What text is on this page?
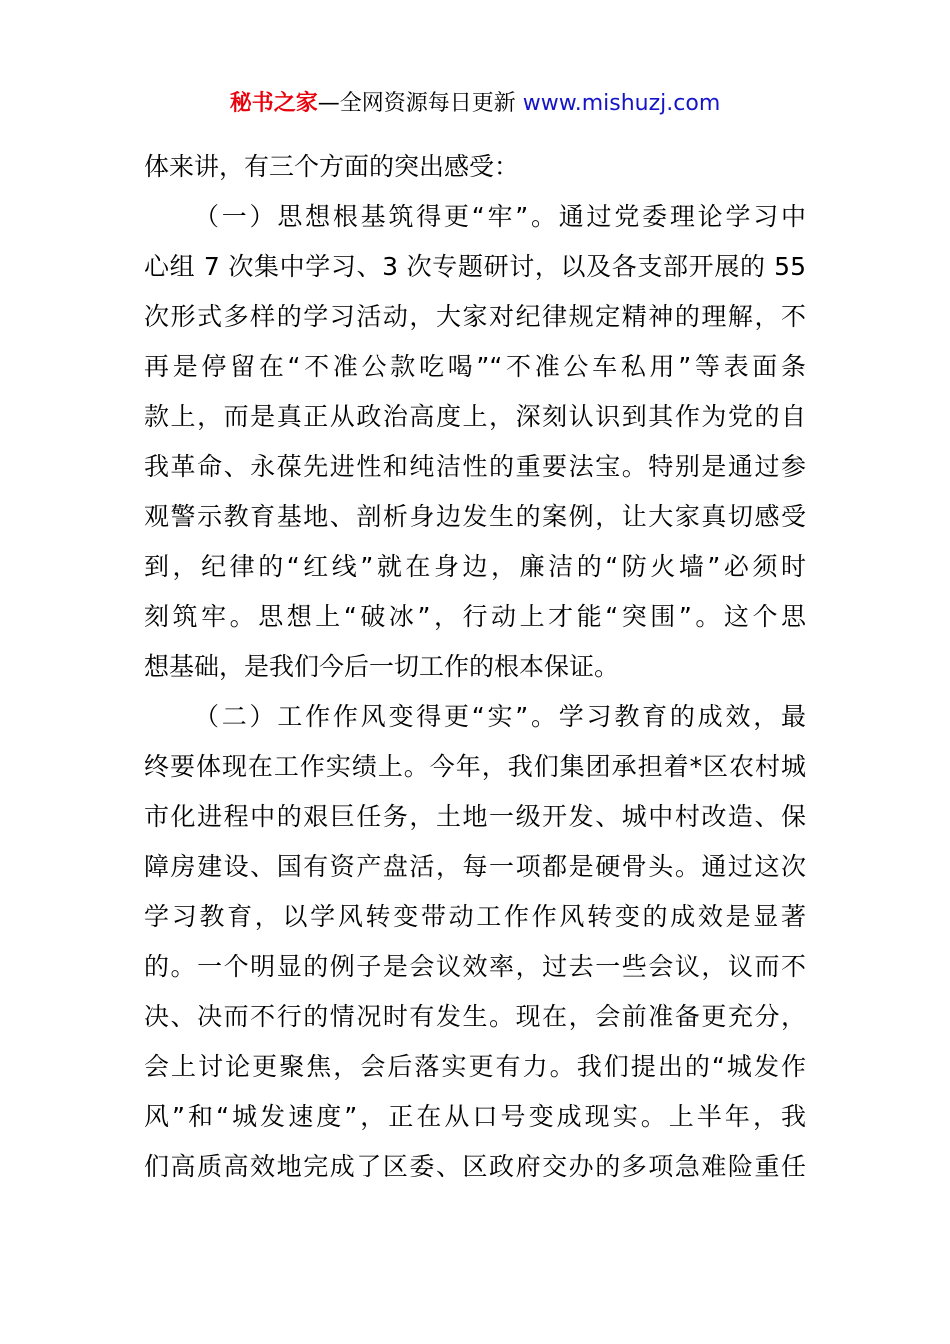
秘书之家—全网资源每日更新 www.mishuzj.com
体来讲，有三个方面的突出感受：
（一）思想根基筑得更“牢”。通过党委理论学习中
心组 7 次集中学习、3 次专题研讨，以及各支部开展的 55
次形式多样的学习活动，大家对纪律规定精神的理解，不
再是停留在“不准公款吃喝”“不准公车私用”等表面条
款上，而是真正从政治高度上，深刻认识到其作为党的自
我革命、永葆先进性和纯洁性的重要法宝。特别是通过参
观警示教育基地、剖析身边发生的案例，让大家真切感受
到，纪律的“红线”就在身边，廉洁的“防火墙”必须时
刻筑牢。思想上“破冰”，行动上才能“突围”。这个思
想基础，是我们今后一切工作的根本保证。
（二）工作作风变得更“实”。学习教育的成效，最
终要体现在工作实绩上。今年，我们集团承担着*区农村城
市化进程中的艰巨任务，土地一级开发、城中村改造、保
障房建设、国有资产盘活，每一项都是硬骨头。通过这次
学习教育，以学风转变带动工作作风转变的成效是显著
的。一个明显的例子是会议效率，过去一些会议，议而不
决、决而不行的情况时有发生。现在，会前准备更充分，
会上讨论更聚焦，会后落实更有力。我们提出的“城发作
风”和“城发速度”，正在从口号变成现实。上半年，我
们高质高效地完成了区委、区政府交办的多项急难险重任
